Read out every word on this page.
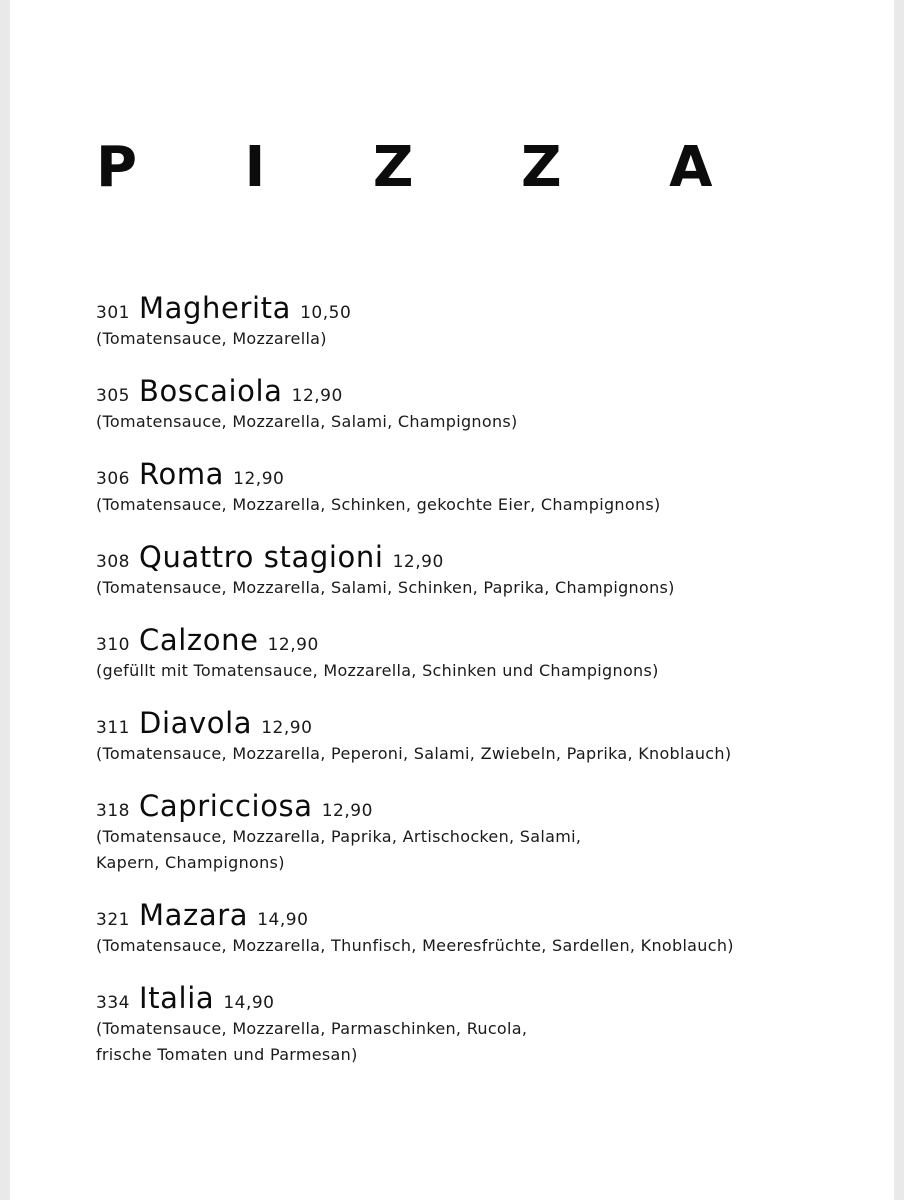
P I Z Z A
301 Magherita 10,50
(Tomatensauce, Mozzarella)
305 Boscaiola 12,90
(Tomatensauce, Mozzarella, Salami, Champignons)
306 Roma 12,90
(Tomatensauce, Mozzarella, Schinken, gekochte Eier, Champignons)
308 Quattro stagioni 12,90
(Tomatensauce, Mozzarella, Salami, Schinken, Paprika, Champignons)
310 Calzone 12,90
(gefüllt mit Tomatensauce, Mozzarella, Schinken und Champignons)
311 Diavola 12,90
(Tomatensauce, Mozzarella, Peperoni, Salami, Zwiebeln, Paprika, Knoblauch)
318 Capricciosa 12,90
(Tomatensauce, Mozzarella, Paprika, Artischocken, Salami,
Kapern, Champignons)
321 Mazara 14,90
(Tomatensauce, Mozzarella, Thunfisch, Meeresfrüchte, Sardellen, Knoblauch)
334 Italia 14,90
(Tomatensauce, Mozzarella, Parmaschinken, Rucola,
frische Tomaten und Parmesan)
